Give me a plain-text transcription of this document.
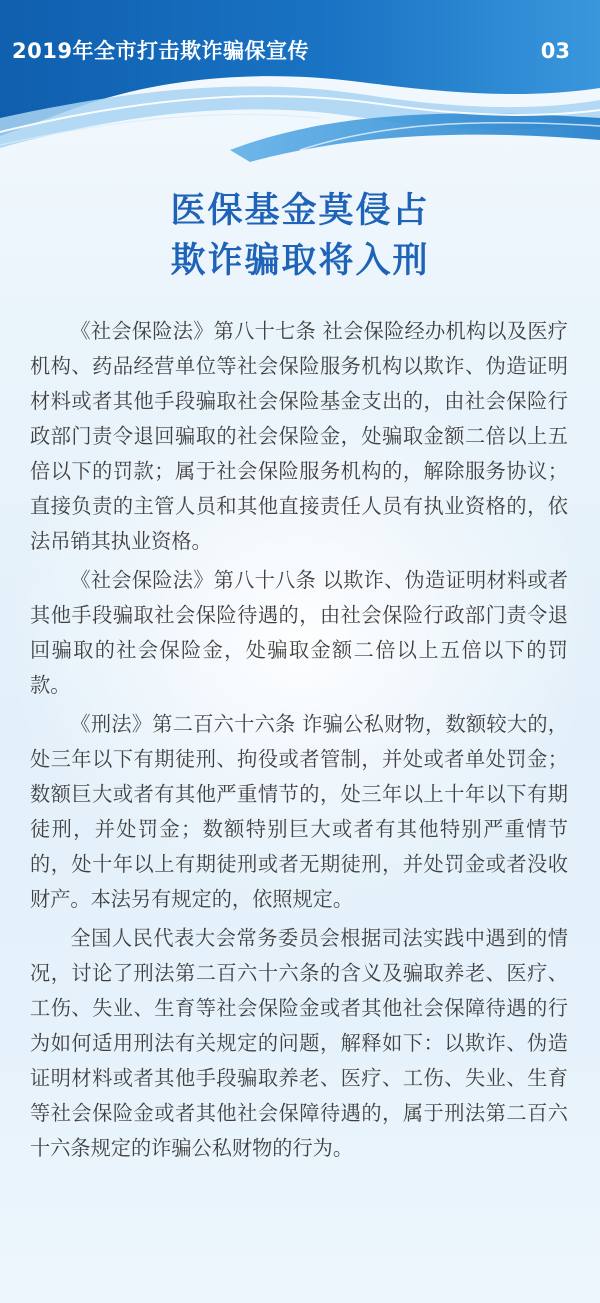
2019年全市打击欺诈骗保宣传	03
医保基金莫侵占
欺诈骗取将入刑

《社会保险法》第八十七条 社会保险经办机构以及医疗机构、药品经营单位等社会保险服务机构以欺诈、伪造证明材料或者其他手段骗取社会保险基金支出的，由社会保险行政部门责令退回骗取的社会保险金，处骗取金额二倍以上五倍以下的罚款；属于社会保险服务机构的，解除服务协议；直接负责的主管人员和其他直接责任人员有执业资格的，依法吊销其执业资格。

《社会保险法》第八十八条 以欺诈、伪造证明材料或者其他手段骗取社会保险待遇的，由社会保险行政部门责令退回骗取的社会保险金，处骗取金额二倍以上五倍以下的罚款。

《刑法》第二百六十六条 诈骗公私财物，数额较大的，处三年以下有期徒刑、拘役或者管制，并处或者单处罚金；数额巨大或者有其他严重情节的，处三年以上十年以下有期徒刑，并处罚金；数额特别巨大或者有其他特别严重情节的，处十年以上有期徒刑或者无期徒刑，并处罚金或者没收财产。本法另有规定的，依照规定。

全国人民代表大会常务委员会根据司法实践中遇到的情况，讨论了刑法第二百六十六条的含义及骗取养老、医疗、工伤、失业、生育等社会保险金或者其他社会保障待遇的行为如何适用刑法有关规定的问题，解释如下：以欺诈、伪造证明材料或者其他手段骗取养老、医疗、工伤、失业、生育等社会保险金或者其他社会保障待遇的，属于刑法第二百六十六条规定的诈骗公私财物的行为。
